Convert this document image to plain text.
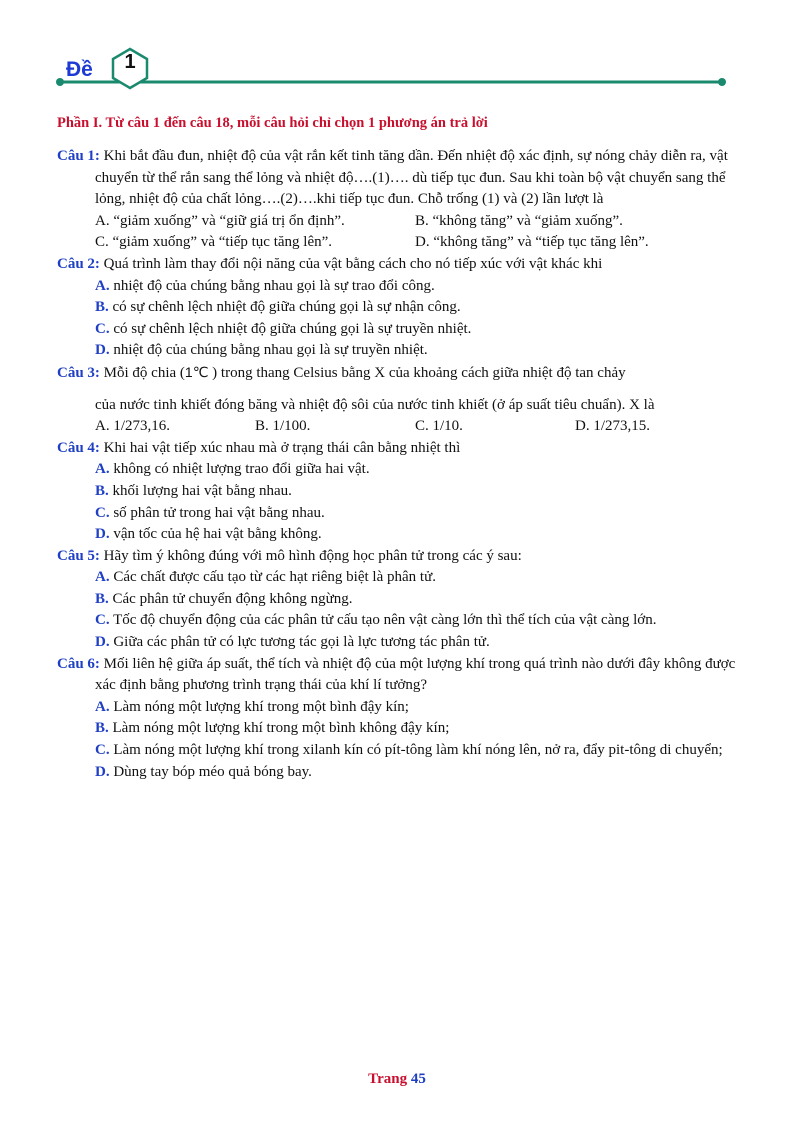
Đề 1
Phần I. Từ câu 1 đến câu 18, mỗi câu hỏi chỉ chọn 1 phương án trả lời

Câu 1: Khi bắt đầu đun, nhiệt độ của vật rắn kết tinh tăng dần. Đến nhiệt độ xác định, sự nóng chảy diễn ra, vật chuyển từ thể rắn sang thể lỏng và nhiệt độ….(1)…. dù tiếp tục đun. Sau khi toàn bộ vật chuyển sang thể lỏng, nhiệt độ của chất lỏng….(2)….khi tiếp tục đun. Chỗ trống (1) và (2) lần lượt là

A. “giảm xuống” và “giữ giá trị ổn định”.	B. “không tăng” và “giảm xuống”.
C. “giảm xuống” và “tiếp tục tăng lên”.	D. “không tăng” và “tiếp tục tăng lên”.

Câu 2: Quá trình làm thay đổi nội năng của vật bằng cách cho nó tiếp xúc với vật khác khi

A. nhiệt độ của chúng bằng nhau gọi là sự trao đổi công.

B. có sự chênh lệch nhiệt độ giữa chúng gọi là sự nhận công.

C. có sự chênh lệch nhiệt độ giữa chúng gọi là sự truyền nhiệt.

D. nhiệt độ của chúng bằng nhau gọi là sự truyền nhiệt.

Câu 3: Mỗi độ chia (1℃ ) trong thang Celsius bằng X của khoảng cách giữa nhiệt độ tan chảy

của nước tinh khiết đóng băng và nhiệt độ sôi của nước tinh khiết (ở áp suất tiêu chuẩn). X là

A. 1/273,16.	B. 1/100.	C. 1/10.	D. 1/273,15.

Câu 4: Khi hai vật tiếp xúc nhau mà ở trạng thái cân bằng nhiệt thì

A. không có nhiệt lượng trao đổi giữa hai vật.

B. khối lượng hai vật bằng nhau.

C. số phân tử trong hai vật bằng nhau.

D. vận tốc của hệ hai vật bằng không.

Câu 5: Hãy tìm ý không đúng với mô hình động học phân tử trong các ý sau:

A. Các chất được cấu tạo từ các hạt riêng biệt là phân tử.

B. Các phân tử chuyển động không ngừng.

C. Tốc độ chuyển động của các phân tử cấu tạo nên vật càng lớn thì thể tích của vật càng lớn.

D. Giữa các phân tử có lực tương tác gọi là lực tương tác phân tử.

Câu 6: Mối liên hệ giữa áp suất, thể tích và nhiệt độ của một lượng khí trong quá trình nào dưới đây không được xác định bằng phương trình trạng thái của khí lí tưởng?

A. Làm nóng một lượng khí trong một bình đậy kín;

B. Làm nóng một lượng khí trong một bình không đậy kín;

C. Làm nóng một lượng khí trong xilanh kín có pít-tông làm khí nóng lên, nở ra, đẩy pit-tông di chuyển;

D. Dùng tay bóp méo quả bóng bay.

Trang 45
